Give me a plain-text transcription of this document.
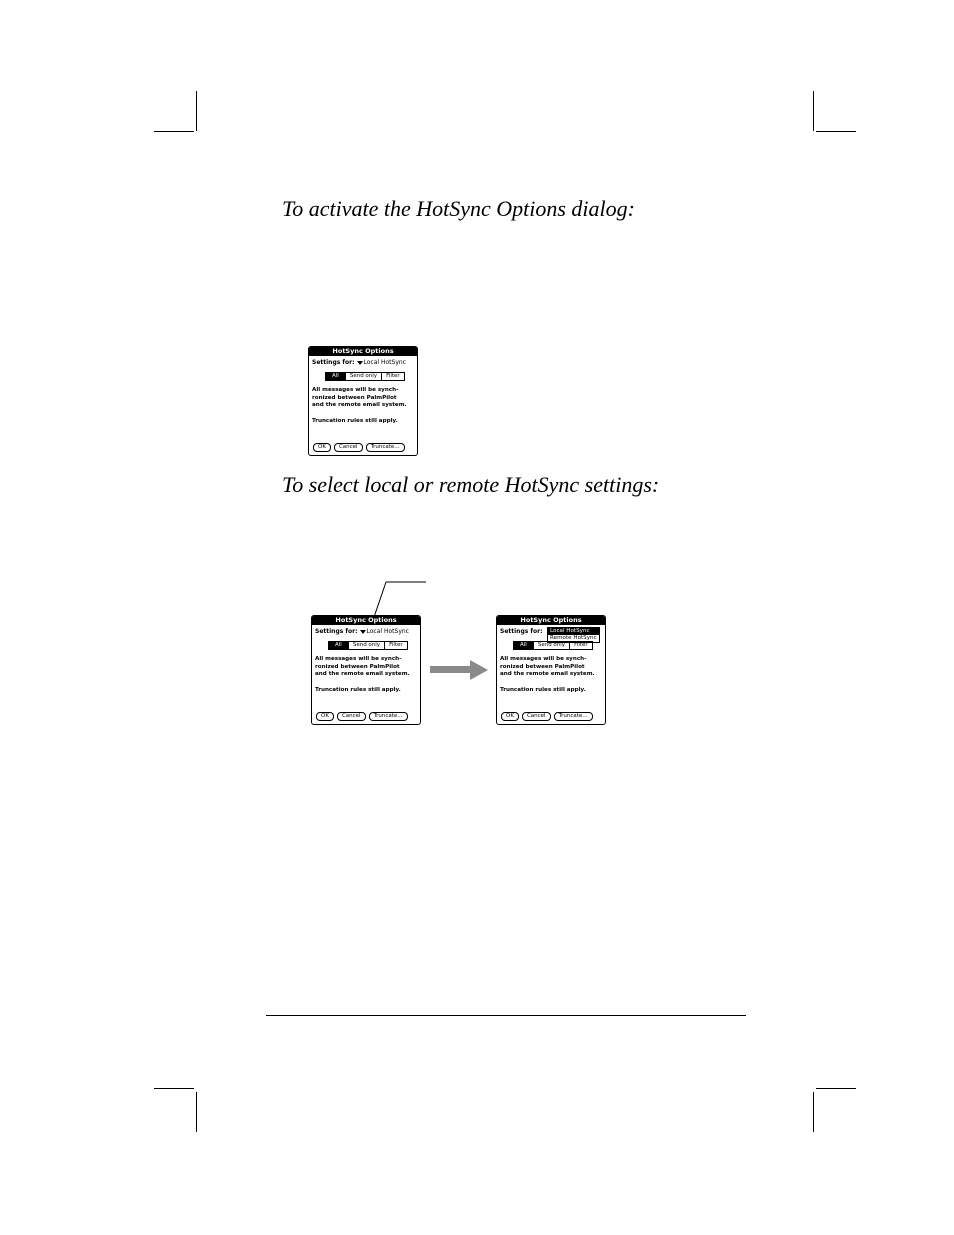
To activate the HotSync Options dialog:
HotSync Options
Settings for: Local HotSync
All	Send only	Filter

All messages will be synch-

ronized between PalmPilot

and the remote email system.

Truncation rules still apply.

OK	Cancel	Truncate...
To select local or remote HotSync settings:
HotSync Options
Settings for: Local HotSync
All	Send only	Filter

All messages will be synch-

ronized between PalmPilot

and the remote email system.

Truncation rules still apply.

OK	Cancel	Truncate...
HotSync Options
Settings for:	Local HotSync
Remote HotSync
All	Send only	Filter

All messages will be synch-

ronized between PalmPilot

and the remote email system.

Truncation rules still apply.

OK	Cancel	Truncate...
